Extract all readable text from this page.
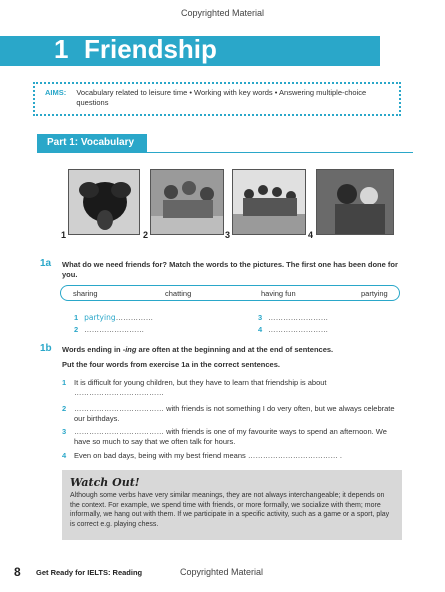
Copyrighted Material
1 Friendship
AIMS: Vocabulary related to leisure time • Working with key words • Answering multiple-choice questions
Part 1: Vocabulary
1	2	3	4
1a What do we need friends for? Match the words to the pictures. The first one has been done for you.
sharing	chatting	having fun	partying
1 partying……………
2 ……………………
3 ……………………
4 ……………………
1b Words ending in -ing are often at the beginning and at the end of sentences.
Put the four words from exercise 1a in the correct sentences.
1 It is difficult for young children, but they have to learn that friendship is about ………………………………
2 ……………………………… with friends is not something I do very often, but we always celebrate our birthdays.
3 ……………………………… with friends is one of my favourite ways to spend an afternoon. We have so much to say that we often talk for hours.
4 Even on bad days, being with my best friend means ……………………………… .
Watch Out!
Although some verbs have very similar meanings, they are not always interchangeable; it depends on the context. For example, we spend time with friends, or more formally, we socialize with them; more informally, we hang out with them. If we participate in a specific activity, such as a game or a sport, play is correct e.g. playing chess.
8 Get Ready for IELTS: Reading	Copyrighted Material
